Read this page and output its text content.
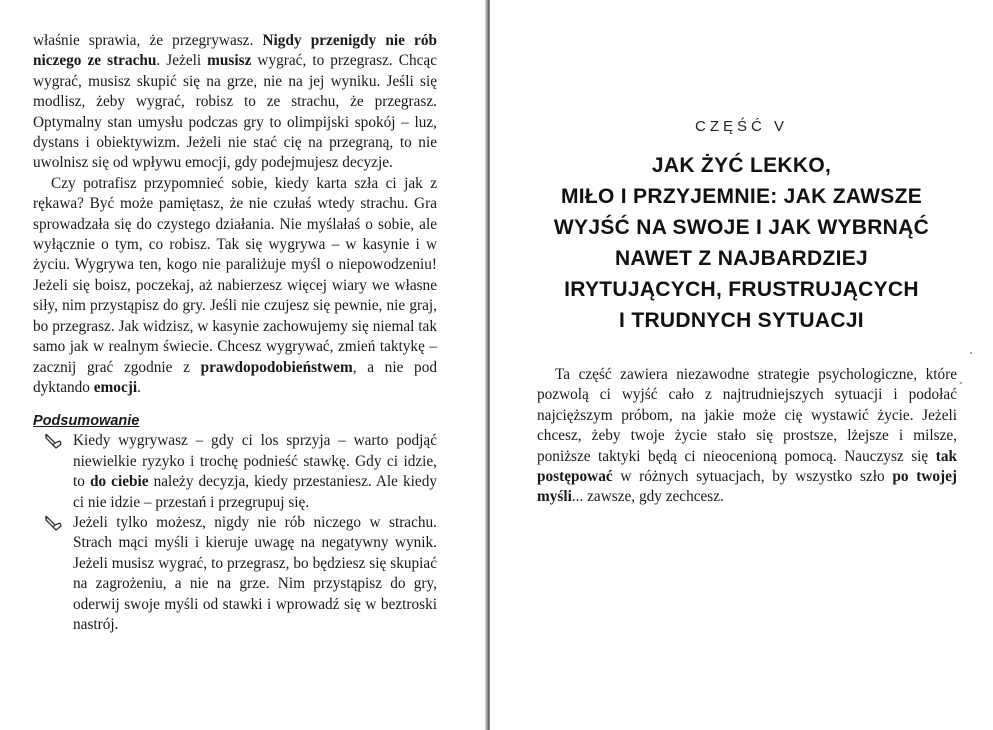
właśnie sprawia, że przegrywasz. Nigdy przenigdy nie rób niczego ze strachu. Jeżeli musisz wygrać, to przegrasz. Chcąc wygrać, musisz skupić się na grze, nie na jej wyniku. Jeśli się modlisz, żeby wygrać, robisz to ze strachu, że przegrasz. Optymalny stan umysłu podczas gry to olimpijski spokój – luz, dystans i obiektywizm. Jeżeli nie stać cię na przegraną, to nie uwolnisz się od wpływu emocji, gdy podejmujesz decyzje.

Czy potrafisz przypomnieć sobie, kiedy karta szła ci jak z rękawa? Być może pamiętasz, że nie czułaś wtedy strachu. Gra sprowadzała się do czystego działania. Nie myślałaś o sobie, ale wyłącznie o tym, co robisz. Tak się wygrywa – w kasynie i w życiu. Wygrywa ten, kogo nie paraliżuje myśl o niepowodzeniu! Jeżeli się boisz, poczekaj, aż nabierzesz więcej wiary we własne siły, nim przystąpisz do gry. Jeśli nie czujesz się pewnie, nie graj, bo przegrasz. Jak widzisz, w kasynie zachowujemy się niemal tak samo jak w realnym świecie. Chcesz wygrywać, zmień taktykę – zacznij grać zgodnie z prawdopodobieństwem, a nie pod dyktando emocji.

Podsumowanie
Kiedy wygrywasz – gdy ci los sprzyja – warto podjąć niewielkie ryzyko i trochę podnieść stawkę. Gdy ci idzie, to do ciebie należy decyzja, kiedy przestaniesz. Ale kiedy ci nie idzie – przestań i przegrupuj się.
Jeżeli tylko możesz, nigdy nie rób niczego w strachu. Strach mąci myśli i kieruje uwagę na negatywny wynik. Jeżeli musisz wygrać, to przegrasz, bo będziesz się skupiać na zagrożeniu, a nie na grze. Nim przystąpisz do gry, oderwij swoje myśli od stawki i wprowadź się w beztroski nastrój.
CZĘŚĆ V
JAK ŻYĆ LEKKO,
MIŁO I PRZYJEMNIE: JAK ZAWSZE
WYJŚĆ NA SWOJE I JAK WYBRNĄĆ
NAWET Z NAJBARDZIEJ
IRYTUJĄCYCH, FRUSTRUJĄCYCH
I TRUDNYCH SYTUACJI

Ta część zawiera niezawodne strategie psychologiczne, które pozwolą ci wyjść cało z najtrudniejszych sytuacji i podołać najcięższym próbom, na jakie może cię wystawić życie. Jeżeli chcesz, żeby twoje życie stało się prostsze, lżejsze i milsze, poniższe taktyki będą ci nieocenioną pomocą. Nauczysz się tak postępować w różnych sytuacjach, by wszystko szło po twojej myśli... zawsze, gdy zechcesz.
